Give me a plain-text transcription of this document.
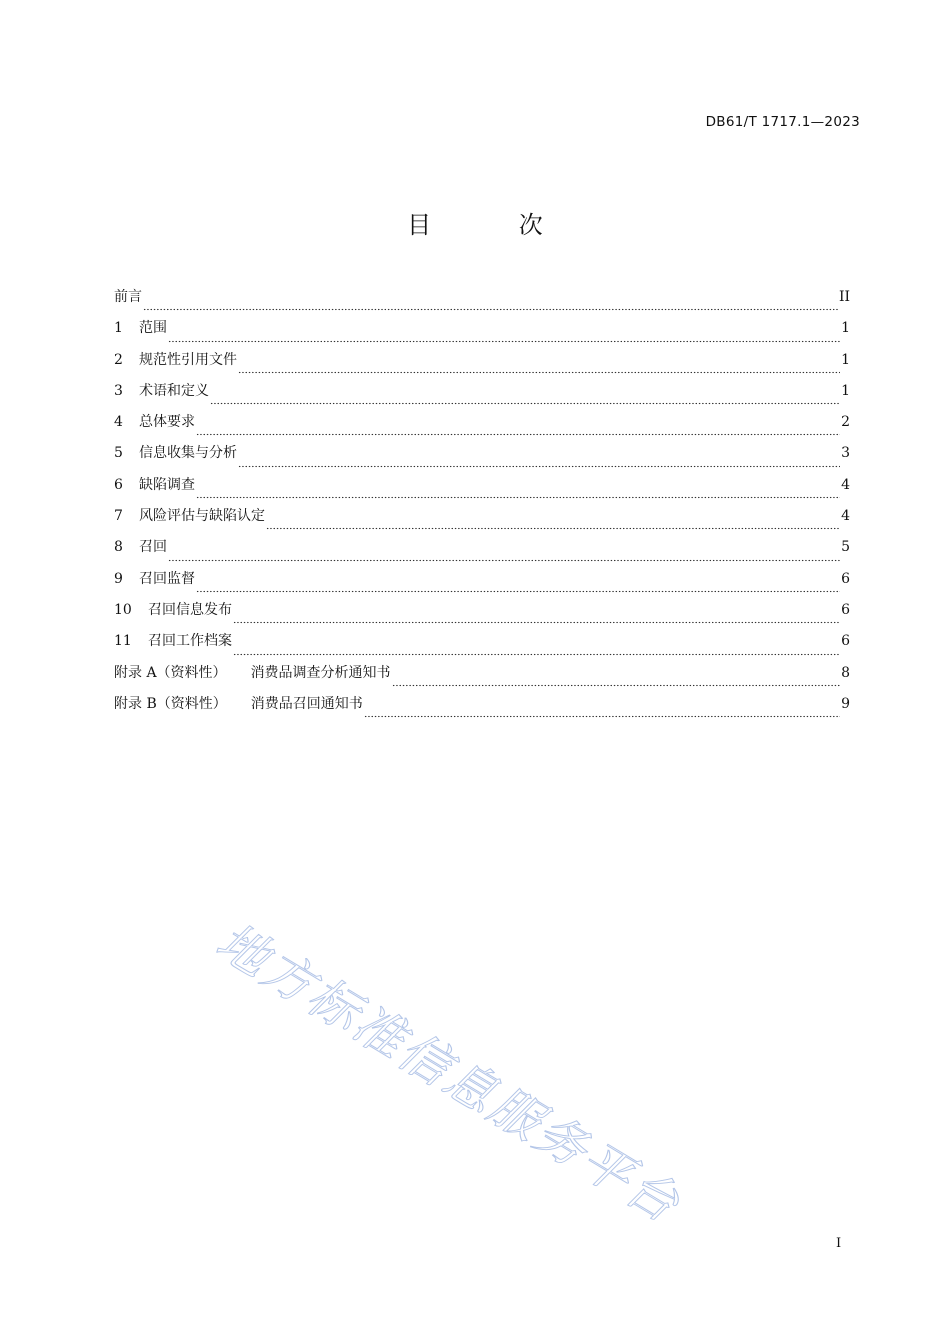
DB61/T 1717.1—2023
目 次
前言	II
1	范围	1
2	规范性引用文件	1
3	术语和定义	1
4	总体要求	2
5	信息收集与分析	3
6	缺陷调查	4
7	风险评估与缺陷认定	4
8	召回	5
9	召回监督	6
10	召回信息发布	6
11	召回工作档案	6
附录 A（资料性） 消费品调查分析通知书	8
附录 B（资料性） 消费品召回通知书	9
地方标准信息服务平台
I
